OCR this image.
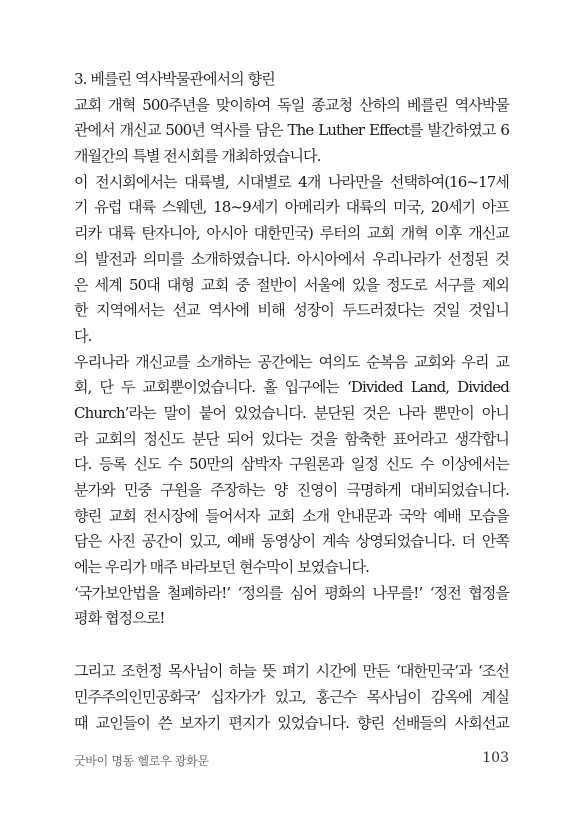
3. 베를린 역사박물관에서의 향린
교회 개혁 500주년을 맞이하여 독일 종교청 산하의 베를린 역사박물
관에서 개신교 500년 역사를 담은 The Luther Effect를 발간하였고 6
개월간의 특별 전시회를 개최하였습니다.
이 전시회에서는 대륙별, 시대별로 4개 나라만을 선택하여(16~17세
기 유럽 대륙 스웨덴, 18~9세기 아메리카 대륙의 미국, 20세기 아프
리카 대륙 탄자니아, 아시아 대한민국) 루터의 교회 개혁 이후 개신교
의 발전과 의미를 소개하였습니다. 아시아에서 우리나라가 선정된 것
은 세계 50대 대형 교회 중 절반이 서울에 있을 정도로 서구를 제외
한 지역에서는 선교 역사에 비해 성장이 두드러졌다는 것일 것입니
다.
우리나라 개신교를 소개하는 공간에는 여의도 순복음 교회와 우리 교
회, 단 두 교회뿐이었습니다. 홀 입구에는 ‘Divided Land, Divided
Church’라는 말이 붙어 있었습니다. 분단된 것은 나라 뿐만이 아니
라 교회의 정신도 분단 되어 있다는 것을 함축한 표어라고 생각합니
다. 등록 신도 수 50만의 삼박자 구원론과 일정 신도 수 이상에서는
분가와 민중 구원을 주장하는 양 진영이 극명하게 대비되었습니다.
향린 교회 전시장에 들어서자 교회 소개 안내문과 국악 예배 모습을
담은 사진 공간이 있고, 예배 동영상이 계속 상영되었습니다. 더 안쪽
에는 우리가 매주 바라보던 현수막이 보였습니다.
‘국가보안법을 철폐하라!’ ‘정의를 심어 평화의 나무를!’ ‘정전 협정을
평화 협정으로!
그리고 조헌정 목사님이 하늘 뜻 펴기 시간에 만든 ‘대한민국’과 ‘조선
민주주의인민공화국’ 십자가가 있고, 홍근수 목사님이 감옥에 계실
때 교인들이 쓴 보자기 편지가 있었습니다. 향린 선배들의 사회선교
굿바이 명동 헬로우 광화문	103
